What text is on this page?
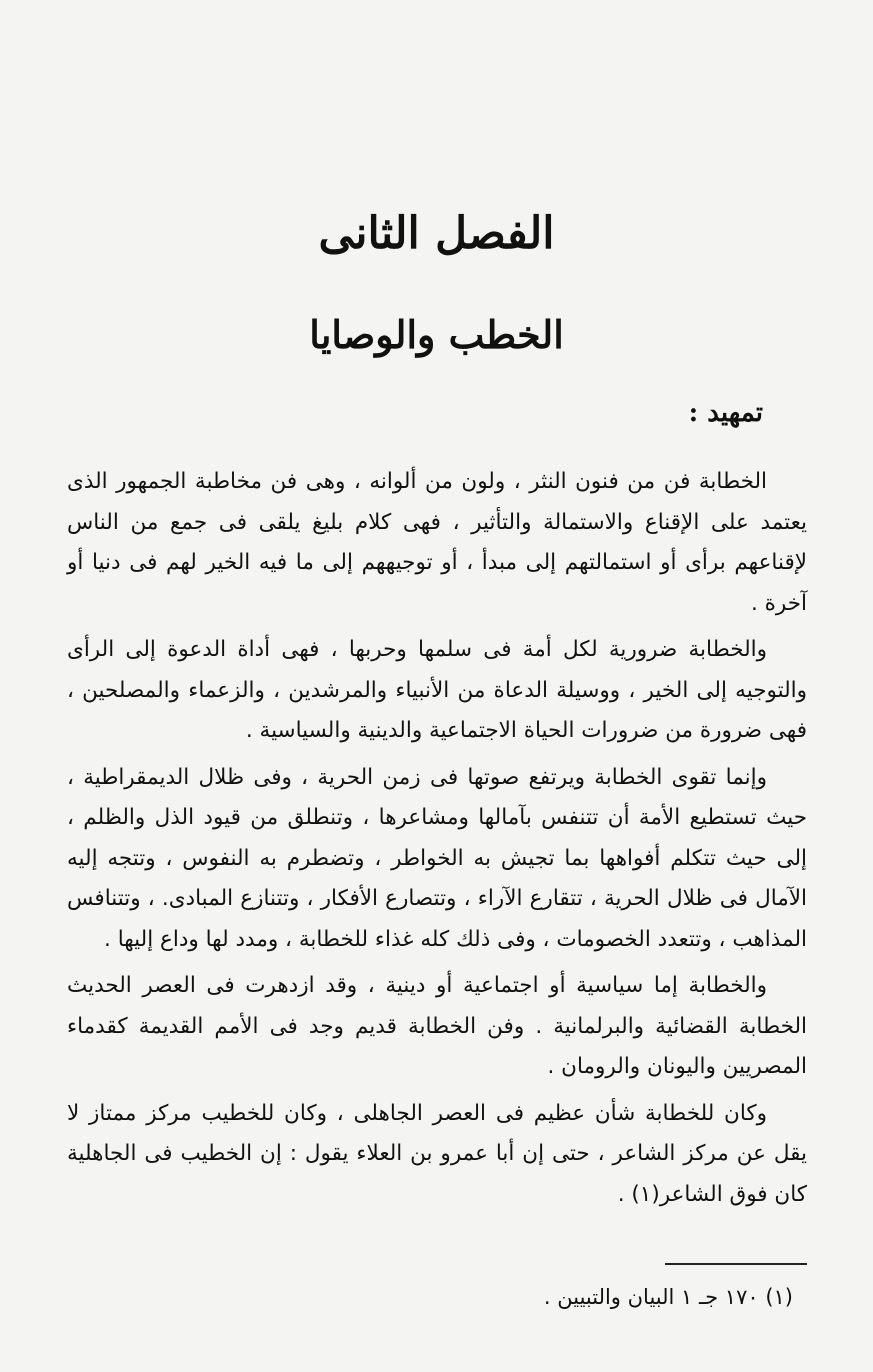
الفصل الثانى
الخطب والوصايا
تمهيد :

الخطابة فن من فنون النثر ، ولون من ألوانه ، وهى فن مخاطبة الجمهور الذى يعتمد على الإقناع والاستمالة والتأثير ، فهى كلام بليغ يلقى فى جمع من الناس لإقناعهم برأى أو استمالتهم إلى مبدأ ، أو توجيههم إلى ما فيه الخير لهم فى دنيا أو آخرة .

والخطابة ضرورية لكل أمة فى سلمها وحربها ، فهى أداة الدعوة إلى الرأى والتوجيه إلى الخير ، ووسيلة الدعاة من الأنبياء والمرشدين ، والزعماء والمصلحين ، فهى ضرورة من ضرورات الحياة الاجتماعية والدينية والسياسية .

وإنما تقوى الخطابة ويرتفع صوتها فى زمن الحرية ، وفى ظلال الديمقراطية ، حيث تستطيع الأمة أن تتنفس بآمالها ومشاعرها ، وتنطلق من قيود الذل والظلم ، إلى حيث تتكلم أفواهها بما تجيش به الخواطر ، وتضطرم به النفوس ، وتتجه إليه الآمال فى ظلال الحرية ، تتقارع الآراء ، وتتصارع الأفكار ، وتتنازع المبادى. ، وتتنافس المذاهب ، وتتعدد الخصومات ، وفى ذلك كله غذاء للخطابة ، ومدد لها وداع إليها .

والخطابة إما سياسية أو اجتماعية أو دينية ، وقد ازدهرت فى العصر الحديث الخطابة القضائية والبرلمانية . وفن الخطابة قديم وجد فى الأمم القديمة كقدماء المصريين واليونان والرومان .

وكان للخطابة شأن عظيم فى العصر الجاهلى ، وكان للخطيب مركز ممتاز لا يقل عن مركز الشاعر ، حتى إن أبا عمرو بن العلاء يقول : إن الخطيب فى الجاهلية كان فوق الشاعر(١) .

(١) ١٧٠ جـ ١ البيان والتبيين .
